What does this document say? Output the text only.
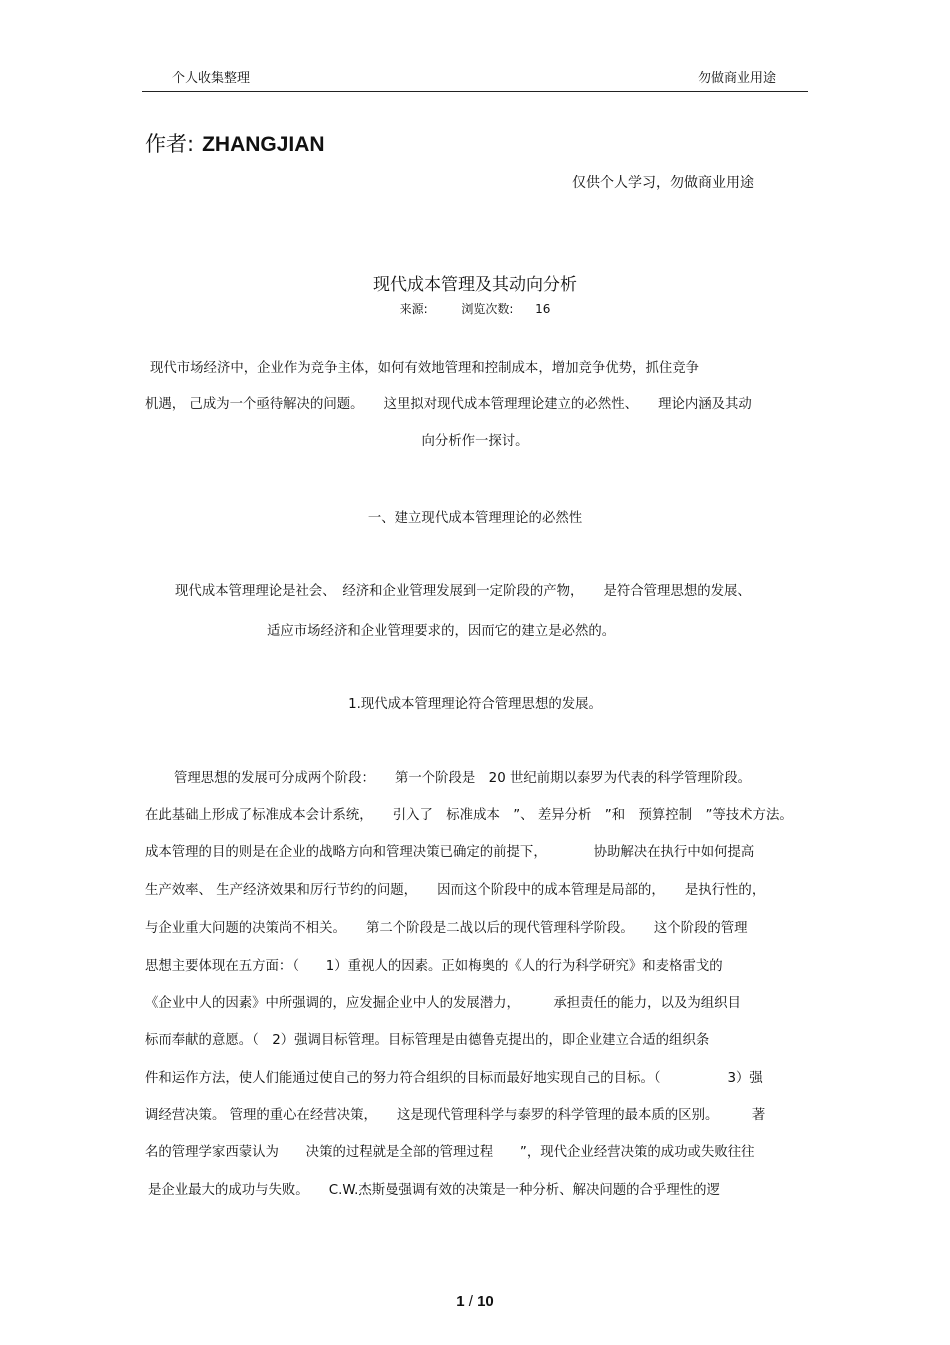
个人收集整理	勿做商业用途
作者: ZHANGJIAN
仅供个人学习，勿做商业用途
现代成本管理及其动向分析
来源:	浏览次数: 16
现代市场经济中，企业作为竞争主体，如何有效地管理和控制成本，增加竞争优势，抓住竞争
机遇， 己成为一个亟待解决的问题。　　这里拟对现代成本管理理论建立的必然性、　　理论内涵及其动
向分析作一探讨。
一、建立现代成本管理理论的必然性
现代成本管理理论是社会、　经济和企业管理发展到一定阶段的产物，　　是符合管理思想的发展、
适应市场经济和企业管理要求的，因而它的建立是必然的。
1.现代成本管理理论符合管理思想的发展。
管理思想的发展可分成两个阶段：　　第一个阶段是　20 世纪前期以泰罗为代表的科学管理阶段。
在此基础上形成了标准成本会计系统，　　引入了　标准成本　”、 差异分析　”和　预算控制　”等技术方法。
成本管理的目的则是在企业的战略方向和管理决策已确定的前提下，　　　　协助解决在执行中如何提高
生产效率、 生产经济效果和厉行节约的问题，　　因而这个阶段中的成本管理是局部的，　　是执行性的，
与企业重大问题的决策尚不相关。　　第二个阶段是二战以后的现代管理科学阶段。　　这个阶段的管理
思想主要体现在五方面：（　　1）重视人的因素。正如梅奥的《人的行为科学研究》和麦格雷戈的
《企业中人的因素》中所强调的，应发掘企业中人的发展潜力，　　　承担责任的能力，以及为组织目
标而奉献的意愿。（　2）强调目标管理。目标管理是由德鲁克提出的，即企业建立合适的组织条
件和运作方法，使人们能通过使自己的努力符合组织的目标而最好地实现自己的目标。（　　　　　3）强
调经营决策。 管理的重心在经营决策，　　这是现代管理科学与泰罗的科学管理的最本质的区别。　　　著
名的管理学家西蒙认为　　决策的过程就是全部的管理过程　　”，现代企业经营决策的成功或失败往往
是企业最大的成功与失败。　　C.W.杰斯曼强调有效的决策是一种分析、解决问题的合乎理性的逻
1 / 10
